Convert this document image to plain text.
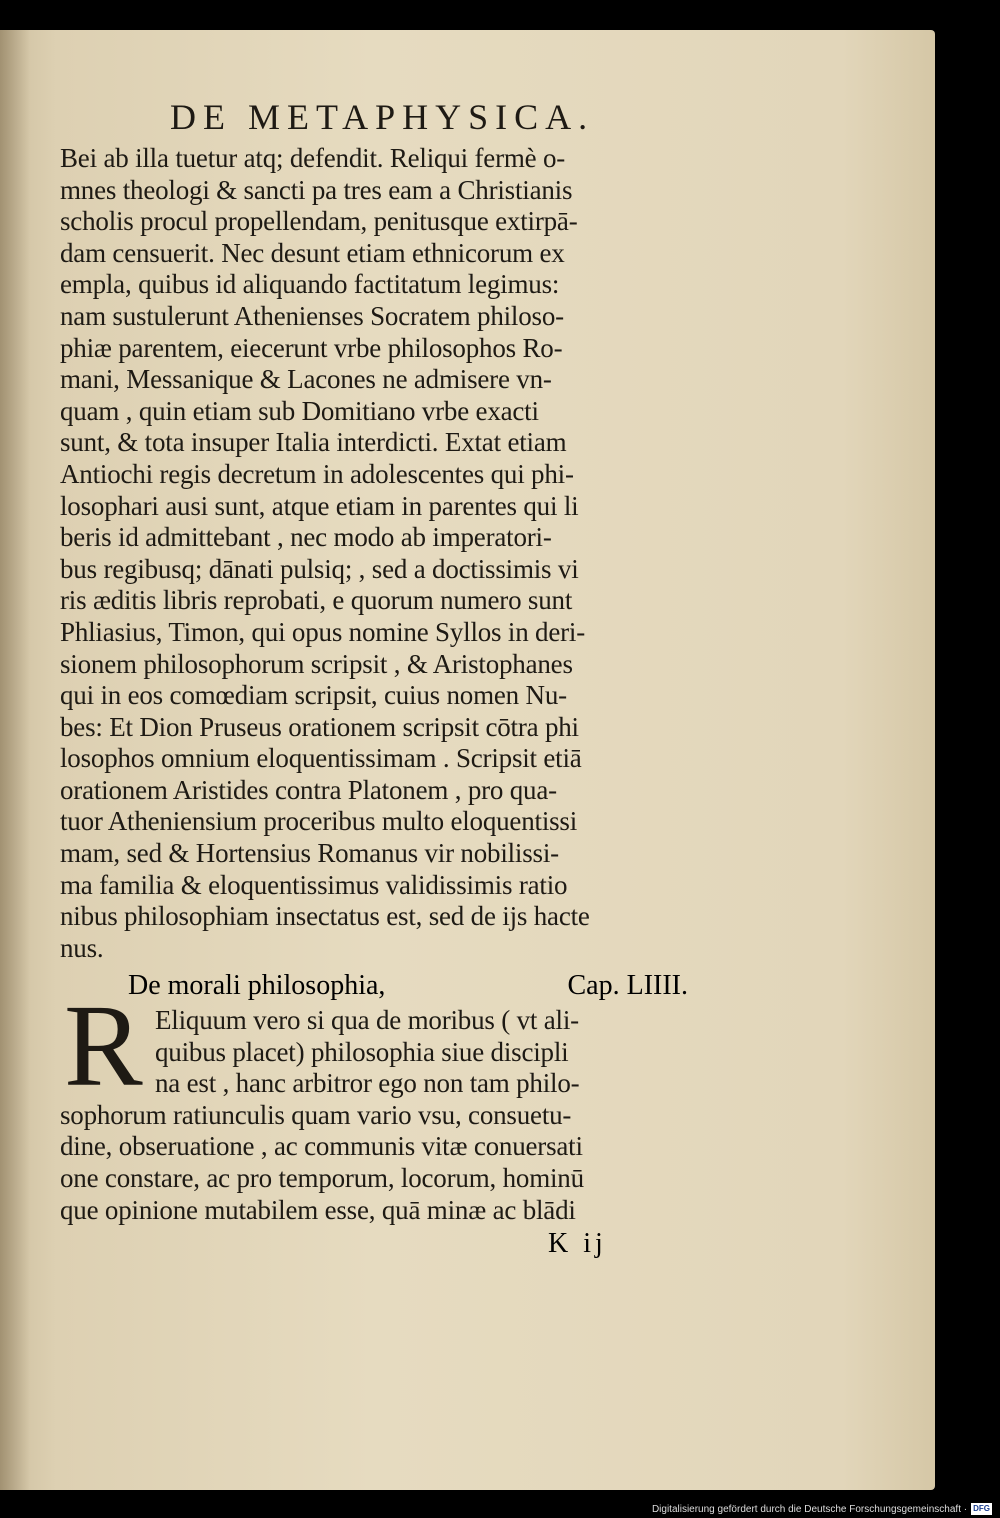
DE METAPHYSICA.
Bei ab illa tuetur atq; defendit. Reliqui fermè o-
mnes theologi & sancti pa tres eam a Christianis
scholis procul propellendam, penitusque extirpā-
dam censuerit. Nec desunt etiam ethnicorum ex
empla, quibus id aliquando factitatum legimus:
nam sustulerunt Athenienses Socratem philoso-
phiæ parentem, eiecerunt vrbe philosophos Ro-
mani, Messanique & Lacones ne admisere vn-
quam , quin etiam sub Domitiano vrbe exacti
sunt, & tota insuper Italia interdicti. Extat etiam
Antiochi regis decretum in adolescentes qui phi-
losophari ausi sunt, atque etiam in parentes qui li
beris id admittebant , nec modo ab imperatori-
bus regibusq; dānati pulsiq; , sed a doctissimis vi
ris æditis libris reprobati, e quorum numero sunt
Phliasius, Timon, qui opus nomine Syllos in deri-
sionem philosophorum scripsit , & Aristophanes
qui in eos comœdiam scripsit, cuius nomen Nu-
bes: Et Dion Pruseus orationem scripsit cōtra phi
losophos omnium eloquentissimam . Scripsit etiā
orationem Aristides contra Platonem , pro qua-
tuor Atheniensium proceribus multo eloquentissi
mam, sed & Hortensius Romanus vir nobilissi-
ma familia & eloquentissimus validissimis ratio
nibus philosophiam insectatus est, sed de ijs hacte
nus.
De morali philosophia,	Cap. LIIII.
R Eliquum vero si qua de moribus ( vt ali-
quibus placet) philosophia siue discipli
na est , hanc arbitror ego non tam philo-
sophorum ratiunculis quam vario vsu, consuetu-
dine, obseruatione , ac communis vitæ conuersati
one constare, ac pro temporum, locorum, hominū
que opinione mutabilem esse, quā minæ ac blādi
K ij
Digitalisierung gefördert durch die Deutsche Forschungsgemeinschaft · DFG
